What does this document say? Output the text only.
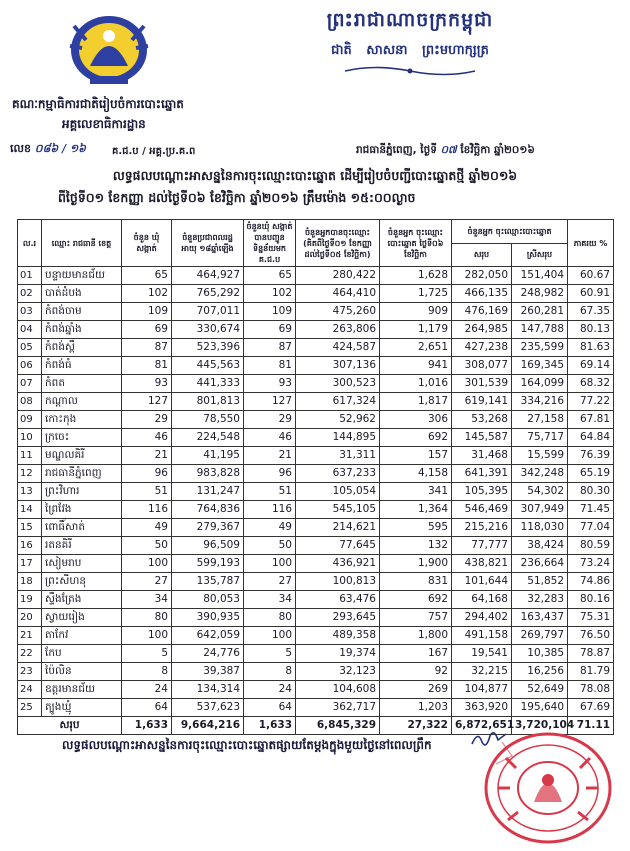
ព្រះរាជាណាចក្រកម្ពុជា
ជាតិ សាសនា ព្រះមហាក្សត្រ
គណៈកម្មាធិការជាតិរៀបចំការបោះឆ្នោត
អគ្គលេខាធិការដ្ឋាន
លេខ ០៨៦ / ១៦	គ.ជ.ប / អគ្គ.ប្រ.គ.ព	រាជធានីភ្នំពេញ, ថ្ងៃទី ០៧ ខែវិច្ឆិកា ឆ្នាំ២០១៦
លទ្ធផលបណ្ដោះអាសន្ននៃការចុះឈ្មោះបោះឆ្នោត ដើម្បីរៀបចំបញ្ជីបោះឆ្នោតថ្មី ឆ្នាំ២០១៦
ពីថ្ងៃទី០១ ខែកញ្ញា ដល់ថ្ងៃទី០៦ ខែវិច្ឆិកា ឆ្នាំ២០១៦ ត្រឹមម៉ោង ១៥:០០ល្ងាច
ល.រ	ឈ្មោះ រាជធានី ខេត្ត	ចំនួន ឃុំ សង្កាត់	ចំនួនប្រជាពលរដ្ឋ អាយុ ១៨ឆ្នាំឡើង	ចំនួនឃុំ សង្កាត់ បានបញ្ជូនទិន្នន័យមក គ.ជ.ប	ចំនួនអ្នកបានចុះឈ្មោះ (គិតពីថ្ងៃទី០១ ខែកញ្ញា ដល់ថ្ងៃទី០៥ ខែវិច្ឆិកា)	ចំនួនអ្នក ចុះឈ្មោះបោះឆ្នោត ថ្ងៃទី០៦ ខែវិច្ឆិកា	ចំនួនអ្នក ចុះឈ្មោះបោះឆ្នោត		ភាគរយ %
							សរុប	ស្រីសរុប	
01	បន្ទាយមានជ័យ	65	464,927	65	280,422	1,628	282,050	151,404	60.67
02	បាត់ដំបង	102	765,292	102	464,410	1,725	466,135	248,982	60.91
03	កំពង់ចាម	109	707,011	109	475,260	909	476,169	260,281	67.35
04	កំពង់ឆ្នាំង	69	330,674	69	263,806	1,179	264,985	147,788	80.13
05	កំពង់ស្ពឺ	87	523,396	87	424,587	2,651	427,238	235,599	81.63
06	កំពង់ធំ	81	445,563	81	307,136	941	308,077	169,345	69.14
07	កំពត	93	441,333	93	300,523	1,016	301,539	164,099	68.32
08	កណ្ដាល	127	801,813	127	617,324	1,817	619,141	334,216	77.22
09	កោះកុង	29	78,550	29	52,962	306	53,268	27,158	67.81
10	ក្រចេះ	46	224,548	46	144,895	692	145,587	75,717	64.84
11	មណ្ឌលគិរី	21	41,195	21	31,311	157	31,468	15,599	76.39
12	រាជធានីភ្នំពេញ	96	983,828	96	637,233	4,158	641,391	342,248	65.19
13	ព្រះវិហារ	51	131,247	51	105,054	341	105,395	54,302	80.30
14	ព្រៃវែង	116	764,836	116	545,105	1,364	546,469	307,949	71.45
15	ពោធិ៍សាត់	49	279,367	49	214,621	595	215,216	118,030	77.04
16	រតនគិរី	50	96,509	50	77,645	132	77,777	38,424	80.59
17	សៀមរាប	100	599,193	100	436,921	1,900	438,821	236,664	73.24
18	ព្រះសីហនុ	27	135,787	27	100,813	831	101,644	51,852	74.86
19	ស្ទឹងត្រែង	34	80,053	34	63,476	692	64,168	32,283	80.16
20	ស្វាយរៀង	80	390,935	80	293,645	757	294,402	163,437	75.31
21	តាកែវ	100	642,059	100	489,358	1,800	491,158	269,797	76.50
22	កែប	5	24,776	5	19,374	167	19,541	10,385	78.87
23	ប៉ៃលិន	8	39,387	8	32,123	92	32,215	16,256	81.79
24	ឧត្ដរមានជ័យ	24	134,314	24	104,608	269	104,877	52,649	78.08
25	ត្បូងឃ្មុំ	64	537,623	64	362,717	1,203	363,920	195,640	67.69
សរុប		1,633	9,664,216	1,633	6,845,329	27,322	6,872,651	3,720,104	71.11
លទ្ធផលបណ្ដោះអាសន្ននៃការចុះឈ្មោះបោះឆ្នោតផ្សាយតែម្ដងក្នុងមួយថ្ងៃនៅពេលព្រឹក
